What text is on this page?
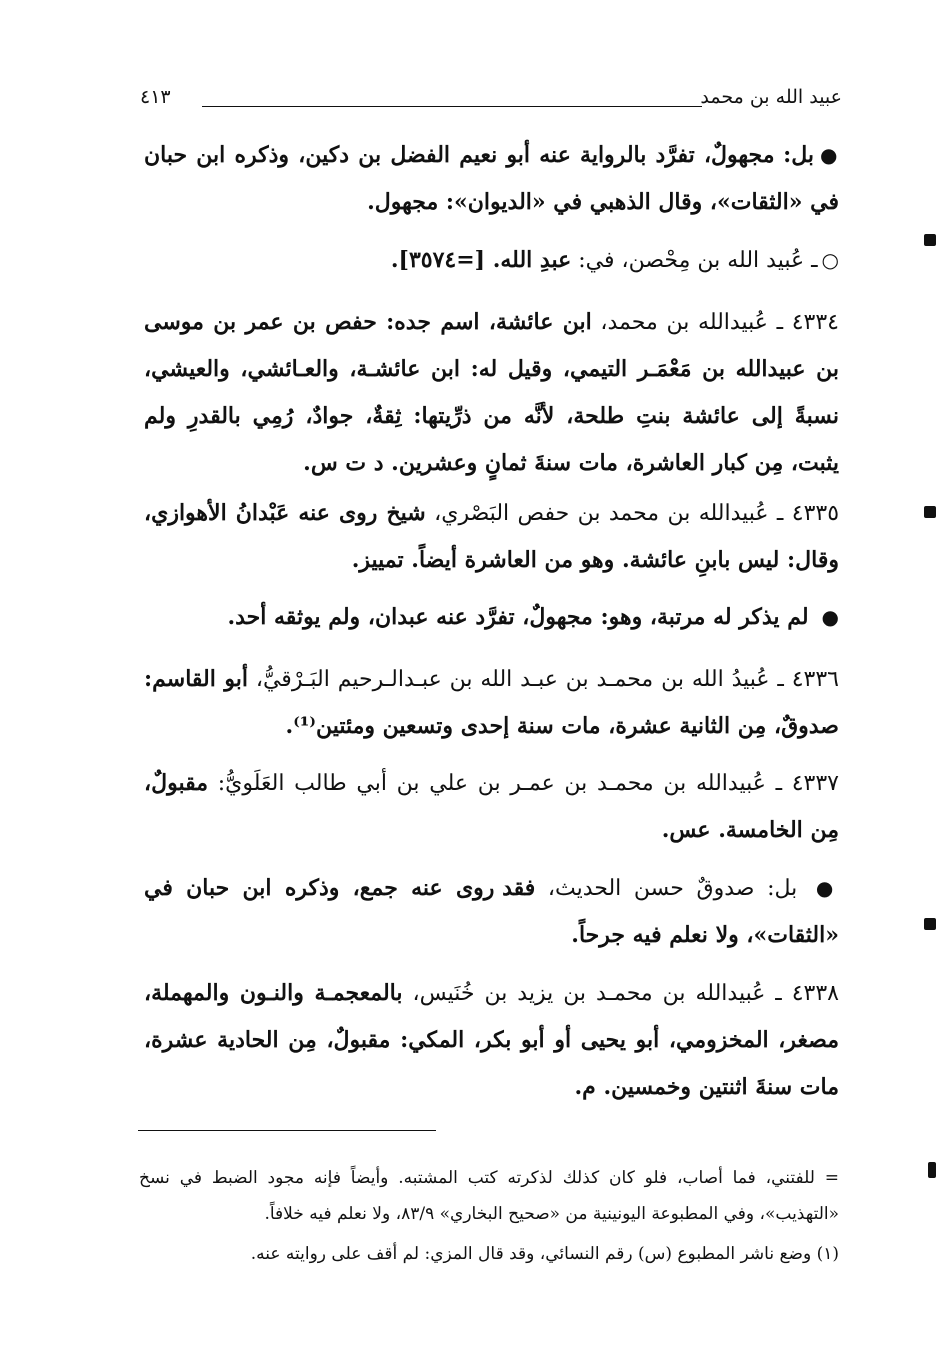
عبيد الله بن محمد
٤١٣
●بل: مجهولٌ، تفرَّد بالرواية عنه أبو نعيم الفضل بن دكين، وذكره ابن حبان في «الثقات»، وقال الذهبي في «الديوان»: مجهول.
○ـ عُبيد الله بن مِحْصن، في: عبدِ الله. [=٣٥٧٤].
٤٣٣٤ ـ عُبيدالله بن محمد، ابن عائشة، اسم جده: حفص بن عمر بن موسى بن عبيدالله بن مَعْمَـر التيمي، وقيل له: ابن عائشـة، والعـائشي، والعيشي، نسبةً إلى عائشة بنتِ طلحة، لأنَّه من ذرِّيتها: ثِقةٌ، جوادٌ، رُمِي بالقدرِ ولم يثبت، مِن كبار العاشرة، مات سنةَ ثمانٍ وعشرين. د ت س.
٤٣٣٥ ـ عُبيدالله بن محمد بن حفص البَصْري، شيخ روى عنه عَبْدانُ الأهوازي، وقال: ليس بابنِ عائشة. وهو من العاشرة أيضاً. تمييز.
● لم يذكر له مرتبة، وهو: مجهولٌ، تفرَّد عنه عبدان، ولم يوثقه أحد.
٤٣٣٦ ـ عُبيدُ الله بن محمـد بن عبـد الله بن عبـدالـرحيم البَـرْقيُّ، أبو القاسم: صدوقٌ، مِن الثانية عشرة، مات سنة إحدى وتسعين ومئتين⁽¹⁾.
٤٣٣٧ ـ عُبيدالله بن محمـد بن عمـر بن علي بن أبي طالب العَلَويُّ: مقبولٌ، مِن الخامسة. عس.
● بل: صدوقٌ حسن الحديث، فقد روى عنه جمع، وذكره ابن حبان في «الثقات»، ولا نعلم فيه جرحاً.
٤٣٣٨ ـ عُبيدالله بن محمـد بن يزيد بن خُنَيس، بالمعجمـة والنـون والمهملة، مصغر، المخزومي، أبو يحيى أو أبو بكر، المكي: مقبولٌ، مِن الحادية عشرة، مات سنةَ اثنتين وخمسين. م.
= للفتني، فما أصاب، فلو كان كذلك لذكرته كتب المشتبه. وأيضاً فإنه مجود الضبط في نسخ «التهذيب»، وفي المطبوعة اليونينية من «صحيح البخاري» ٨٣/٩، ولا نعلم فيه خلافاً.
(١) وضع ناشر المطبوع (س) رقم النسائي، وقد قال المزي: لم أقف على روايته عنه.
